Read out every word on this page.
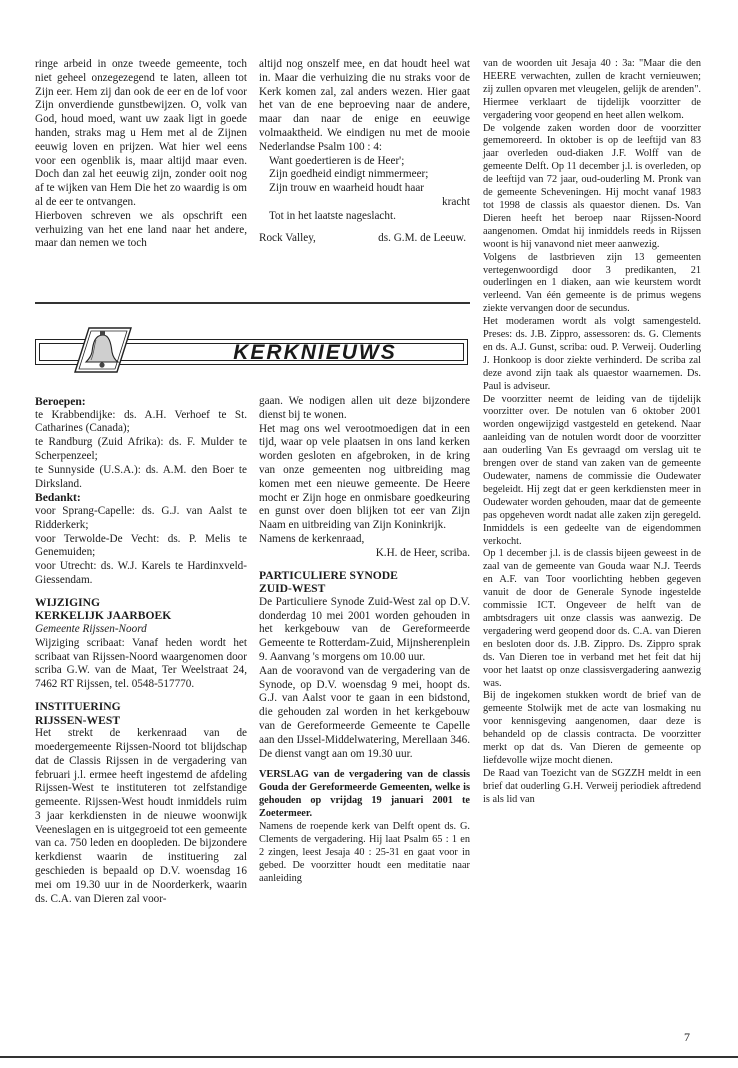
ringe arbeid in onze tweede gemeente, toch niet geheel onzegezegend te laten, alleen tot Zijn eer. Hem zij dan ook de eer en de lof voor Zijn onverdiende gunstbewijzen. O, volk van God, houd moed, want uw zaak ligt in goede handen, straks mag u Hem met al de Zijnen eeuwig loven en prijzen. Wat hier wel eens voor een ogenblik is, maar altijd maar even. Doch dan zal het eeuwig zijn, zonder ooit nog af te wijken van Hem Die het zo waardig is om al de eer te ontvangen.

Hierboven schreven we als opschrift een verhuizing van het ene land naar het andere, maar dan nemen we toch

altijd nog onszelf mee, en dat houdt heel wat in. Maar die verhuizing die nu straks voor de Kerk komen zal, zal anders wezen. Hier gaat het van de ene beproeving naar de andere, maar dan naar de enige en eeuwige volmaaktheid. We eindigen nu met de mooie Nederlandse Psalm 100 : 4:

Want goedertieren is de Heer';
Zijn goedheid eindigt nimmermeer;
Zijn trouw en waarheid houdt haar
kracht
Tot in het laatste nageslacht.
Rock Valley,	ds. G.M. de Leeuw.
KERKNIEUWS

Beroepen:

te Krabbendijke: ds. A.H. Verhoef te St. Catharines (Canada);

te Randburg (Zuid Afrika): ds. F. Mulder te Scherpenzeel;

te Sunnyside (U.S.A.): ds. A.M. den Boer te Dirksland.

Bedankt:

voor Sprang-Capelle: ds. G.J. van Aalst te Ridderkerk;

voor Terwolde-De Vecht: ds. P. Melis te Genemuiden;

voor Utrecht: ds. W.J. Karels te Hardinxveld-Giessendam.

WIJZIGING

KERKELIJK JAARBOEK

Gemeente Rijssen-Noord

Wijziging scribaat: Vanaf heden wordt het scribaat van Rijssen-Noord waargenomen door scriba G.W. van de Maat, Ter Weelstraat 24, 7462 RT Rijssen, tel. 0548-517770.

INSTITUERING

RIJSSEN-WEST

Het strekt de kerkenraad van de moedergemeente Rijssen-Noord tot blijdschap dat de Classis Rijssen in de vergadering van februari j.l. ermee heeft ingestemd de afdeling Rijssen-West te instituteren tot zelfstandige gemeente. Rijssen-West houdt inmiddels ruim 3 jaar kerkdiensten in de nieuwe woonwijk Veeneslagen en is uitgegroeid tot een gemeente van ca. 750 leden en doopleden. De bijzondere kerkdienst waarin de instituering zal geschieden is bepaald op D.V. woensdag 16 mei om 19.30 uur in de Noorderkerk, waarin ds. C.A. van Dieren zal voor-

gaan. We nodigen allen uit deze bijzondere dienst bij te wonen.

Het mag ons wel verootmoedigen dat in een tijd, waar op vele plaatsen in ons land kerken worden gesloten en afgebroken, in de kring van onze gemeenten nog uitbreiding mag komen met een nieuwe gemeente. De Heere mocht er Zijn hoge en onmisbare goedkeuring en gunst over doen blijken tot eer van Zijn Naam en uitbreiding van Zijn Koninkrijk.

Namens de kerkenraad,

K.H. de Heer, scriba.

PARTICULIERE SYNODE

ZUID-WEST

De Particuliere Synode Zuid-West zal op D.V. donderdag 10 mei 2001 worden gehouden in het kerkgebouw van de Gereformeerde Gemeente te Rotterdam-Zuid, Mijnsherenplein 9. Aanvang 's morgens om 10.00 uur.

Aan de vooravond van de vergadering van de Synode, op D.V. woensdag 9 mei, hoopt ds. G.J. van Aalst voor te gaan in een bidstond, die gehouden zal worden in het kerkgebouw van de Gereformeerde Gemeente te Capelle aan den IJssel-Middelwatering, Merellaan 346. De dienst vangt aan om 19.30 uur.

VERSLAG van de vergadering van de classis Gouda der Gereformeerde Gemeenten, welke is gehouden op vrijdag 19 januari 2001 te Zoetermeer.

Namens de roepende kerk van Delft opent ds. G. Clements de vergadering. Hij laat Psalm 65 : 1 en 2 zingen, leest Jesaja 40 : 25-31 en gaat voor in gebed. De voorzitter houdt een meditatie naar aanleiding

van de woorden uit Jesaja 40 : 3a: "Maar die den HEERE verwachten, zullen de kracht vernieuwen; zij zullen opvaren met vleugelen, gelijk de arenden". Hiermee verklaart de tijdelijk voorzitter de vergadering voor geopend en heet allen welkom.

De volgende zaken worden door de voorzitter gememoreerd. In oktober is op de leeftijd van 83 jaar overleden oud-diaken J.F. Wolff van de gemeente Delft. Op 11 december j.l. is overleden, op de leeftijd van 72 jaar, oud-ouderling M. Pronk van de gemeente Scheveningen. Hij mocht vanaf 1983 tot 1998 de classis als quaestor dienen. Ds. Van Dieren heeft het beroep naar Rijssen-Noord aangenomen. Omdat hij inmiddels reeds in Rijssen woont is hij vanavond niet meer aanwezig.

Volgens de lastbrieven zijn 13 gemeenten vertegenwoordigd door 3 predikanten, 21 ouderlingen en 1 diaken, aan wie keurstem wordt verleend. Van één gemeente is de primus wegens ziekte vervangen door de secundus.

Het moderamen wordt als volgt samengesteld. Preses: ds. J.B. Zippro, assessoren: ds. G. Clements en ds. A.J. Gunst, scriba: oud. P. Verweij. Ouderling J. Honkoop is door ziekte verhinderd. De scriba zal deze avond zijn taak als quaestor waarnemen. Ds. Paul is adviseur.

De voorzitter neemt de leiding van de tijdelijk voorzitter over. De notulen van 6 oktober 2001 worden ongewijzigd vastgesteld en getekend. Naar aanleiding van de notulen wordt door de voorzitter aan ouderling Van Es gevraagd om verslag uit te brengen over de stand van zaken van de gemeente Oudewater, namens de commissie die Oudewater begeleidt. Hij zegt dat er geen kerkdiensten meer in Oudewater worden gehouden, maar dat de gemeente pas opgeheven wordt nadat alle zaken zijn geregeld. Inmiddels is een gedeelte van de eigendommen verkocht.

Op 1 december j.l. is de classis bijeen geweest in de zaal van de gemeente van Gouda waar N.J. Teerds en A.F. van Toor voorlichting hebben gegeven vanuit de door de Generale Synode ingestelde commissie ICT. Ongeveer de helft van de ambtsdragers uit onze classis was aanwezig. De vergadering werd geopend door ds. C.A. van Dieren en besloten door ds. J.B. Zippro. Ds. Zippro sprak ds. Van Dieren toe in verband met het feit dat hij voor het laatst op onze classisvergadering aanwezig was.

Bij de ingekomen stukken wordt de brief van de gemeente Stolwijk met de acte van losmaking nu voor kennisgeving aangenomen, daar deze is behandeld op de classis contracta. De voorzitter merkt op dat ds. Van Dieren de gemeente op liefdevolle wijze mocht dienen.

De Raad van Toezicht van de SGZZH meldt in een brief dat ouderling G.H. Verweij periodiek aftredend is als lid van

7
